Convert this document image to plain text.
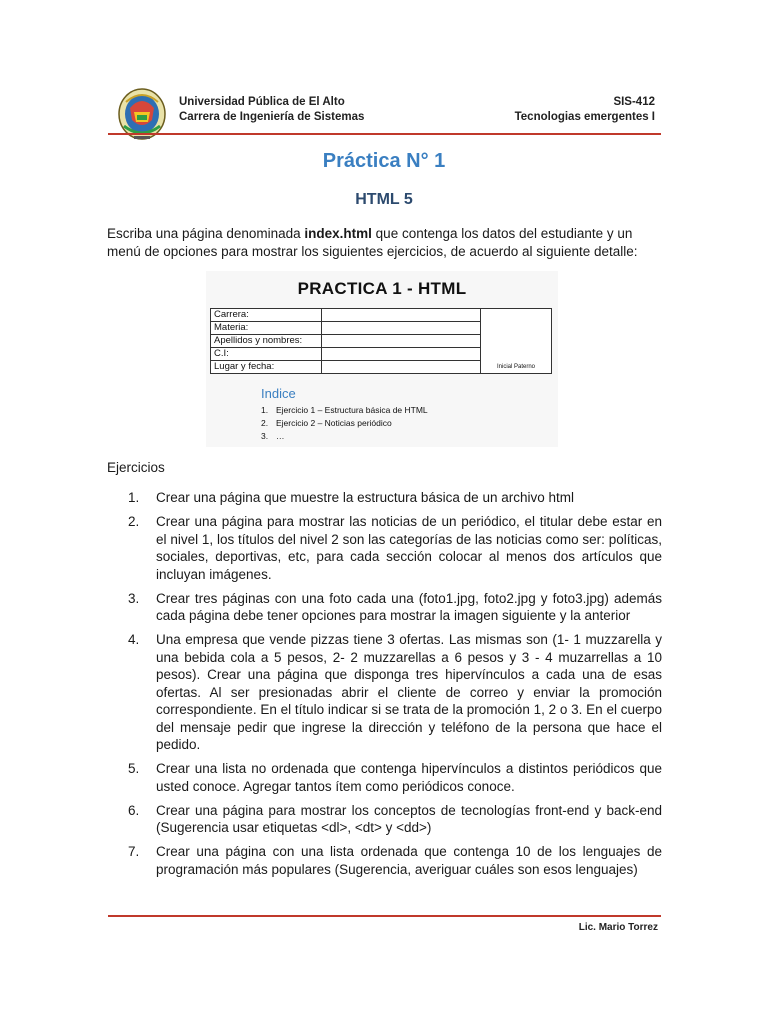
Universidad Pública de El Alto
Carrera de Ingeniería de Sistemas
SIS-412
Tecnologias emergentes I
Práctica N° 1
HTML 5
Escriba una página denominada index.html que contenga los datos del estudiante y un menú de opciones para mostrar los siguientes ejercicios, de acuerdo al siguiente detalle:
PRACTICA 1 - HTML
Carrera:		Inicial Paterno
Materia:		
Apellidos y nombres:		
C.I:		
Lugar y fecha:		
Indice
1. Ejercicio 1 – Estructura básica de HTML
2. Ejercicio 2 – Noticias periódico
3. …
Ejercicios
1. Crear una página que muestre la estructura básica de un archivo html
2. Crear una página para mostrar las noticias de un periódico, el titular debe estar en el nivel 1, los títulos del nivel 2 son las categorías de las noticias como ser: políticas, sociales, deportivas, etc, para cada sección colocar al menos dos artículos que incluyan imágenes.
3. Crear tres páginas con una foto cada una (foto1.jpg, foto2.jpg y foto3.jpg) además cada página debe tener opciones para mostrar la imagen siguiente y la anterior
4. Una empresa que vende pizzas tiene 3 ofertas. Las mismas son (1- 1 muzzarella y una bebida cola a 5 pesos, 2- 2 muzzarellas a 6 pesos y 3 - 4 muzarrellas a 10 pesos). Crear una página que disponga tres hipervínculos a cada una de esas ofertas. Al ser presionadas abrir el cliente de correo y enviar la promoción correspondiente. En el título indicar si se trata de la promoción 1, 2 o 3. En el cuerpo del mensaje pedir que ingrese la dirección y teléfono de la persona que hace el pedido.
5. Crear una lista no ordenada que contenga hipervínculos a distintos periódicos que usted conoce. Agregar tantos ítem como periódicos conoce.
6. Crear una página para mostrar los conceptos de tecnologías front-end y back-end (Sugerencia usar etiquetas <dl>, <dt> y <dd>)
7. Crear una página con una lista ordenada que contenga 10 de los lenguajes de programación más populares (Sugerencia, averiguar cuáles son esos lenguajes)
Lic. Mario Torrez
